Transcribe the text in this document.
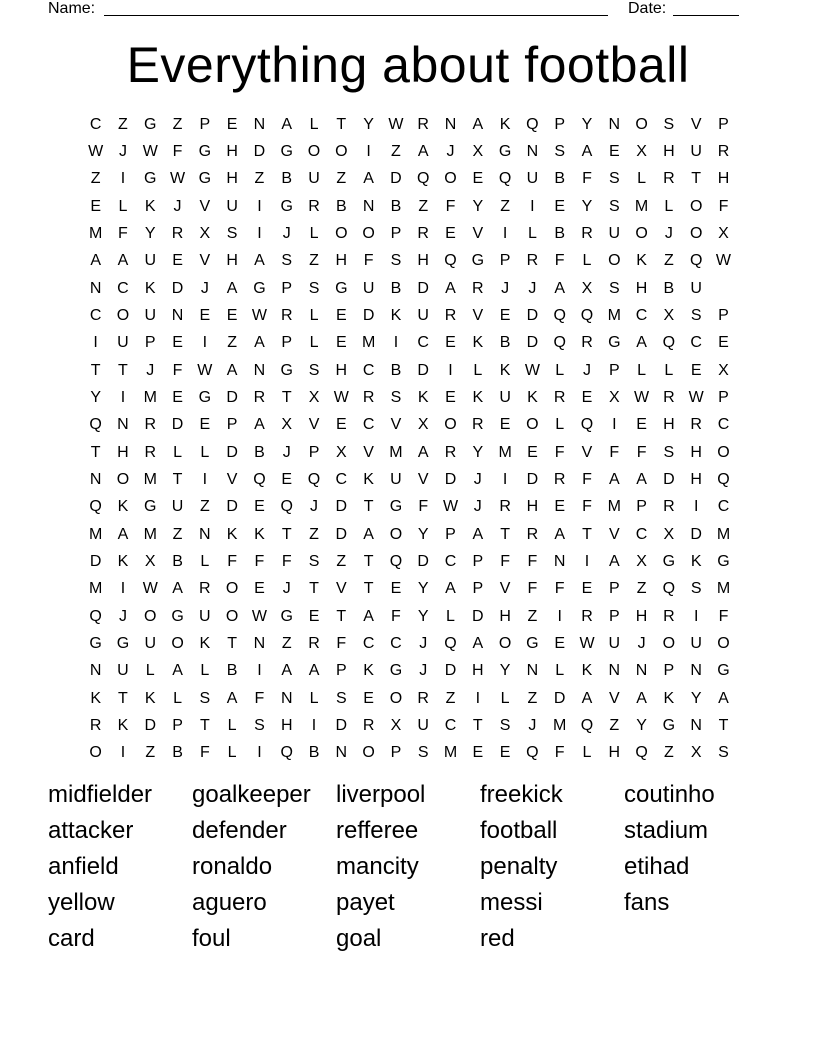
Name:	Date:
Everything about football
C	Z	G	Z	P	E	N	A	L	T	Y W R N	A	K Q P	Y	N O S	V	P
W J W F	G H D G O O	I	Z	A	J	X G N	S	A	E	X	H U R
Z	I	G W G H	Z	B	U	Z	A	D Q O E Q U	B	F	S	L	R	T	H
E	L	K	J	V	U	I	G R	B	N	B	Z	F	Y	Z	I	E	Y	S M	L	O	F
M F	Y	R	X	S	I	J	L	O O P	R	E	V	I	L	B	R U O	J	O X
A	A	U	E	V	H	A	S	Z	H	F	S	H Q G P	R	F	L	O K	Z	Q W
N C	K	D	J	A G P	S G U	B	D	A	R	J	J	A	X	S	H	B	U
C O U N	E	E W R	L	E	D	K	U R	V	E	D Q Q M C	X	S	P
I	U	P	E	I	Z	A	P	L	E M	I	C	E	K	B	D Q R G A Q C	E
T	T	J	F W A	N G S	H C	B	D	I	L	K W L	J	P	L	L	E	X
Y	I	M E G D R	T	X W R	S	K	E	K	U	K	R	E	X W R W P
Q N R D	E	P	A	X	V	E	C	V	X O R	E O	L	Q	I	E	H R C
T	H R	L	L	D	B	J	P	X	V M A	R	Y M E	F	V	F	F	S	H O
N O M T	I	V Q E Q C	K	U	V	D	J	I	D R	F	A	A	D H Q
Q K G U	Z	D	E Q	J	D	T	G	F W J	R H	E	F M P	R	I	C
M A M Z	N	K	K	T	Z	D	A O Y	P	A	T	R	A	T	V	C	X	D M
D	K	X	B	L	F	F	F	S	Z	T	Q D C	P	F	F	N	I	A	X G K G
M	I	W A	R O E	J	T	V	T	E	Y	A	P	V	F	F	E	P	Z	Q S M
Q	J	O G U O W G E	T	A	F	Y	L	D H	Z	I	R	P	H R	I	F
G G U O K	T	N	Z	R	F	C C	J	Q A O G E W U	J	O U O
N U	L	A	L	B	I	A	A	P	K G	J	D H	Y	N	L	K	N N	P	N G
K	T	K	L	S	A	F	N	L	S	E O R	Z	I	L	Z	D	A	V	A	K	Y	A
R	K	D	P	T	L	S	H	I	D R	X	U C	T	S	J	M Q	Z	Y G N	T
O	I	Z	B	F	L	I	Q B	N O P	S M E	E Q	F	L	H Q	Z	X	S
midfielder	goalkeeper	liverpool	freekick	coutinho
attacker	defender	refferee	football	stadium
anfield	ronaldo	mancity	penalty	etihad
yellow	aguero	payet	messi	fans
card	foul	goal	red
